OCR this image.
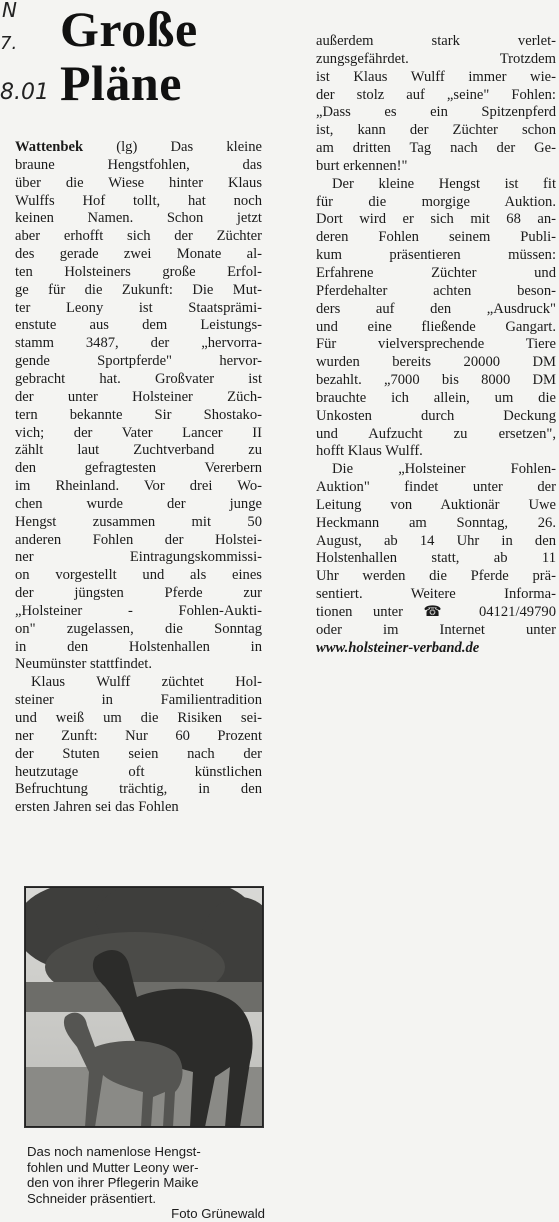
N
7.
8.01
Große
Pläne
Wattenbek (lg) Das kleine
braune Hengstfohlen, das
über die Wiese hinter Klaus
Wulffs Hof tollt, hat noch
keinen Namen. Schon jetzt
aber erhofft sich der Züchter
des gerade zwei Monate al-
ten Holsteiners große Erfol-
ge für die Zukunft: Die Mut-
ter Leony ist Staatsprämi-
enstute aus dem Leistungs-
stamm 3487, der „hervorra-
gende Sportpferde" hervor-
gebracht hat. Großvater ist
der unter Holsteiner Züch-
tern bekannte Sir Shostako-
vich; der Vater Lancer II
zählt laut Zuchtverband zu
den gefragtesten Vererbern
im Rheinland. Vor drei Wo-
chen wurde der junge
Hengst zusammen mit 50
anderen Fohlen der Holstei-
ner Eintragungskommissi-
on vorgestellt und als eines
der jüngsten Pferde zur
„Holsteiner - Fohlen-Aukti-
on" zugelassen, die Sonntag
in den Holstenhallen in
Neumünster stattfindet.
Klaus Wulff züchtet Hol-
steiner in Familientradition
und weiß um die Risiken sei-
ner Zunft: Nur 60 Prozent
der Stuten seien nach der
heutzutage oft künstlichen
Befruchtung trächtig, in den
ersten Jahren sei das Fohlen
außerdem stark verlet-
zungsgefährdet. Trotzdem
ist Klaus Wulff immer wie-
der stolz auf „seine" Fohlen:
„Dass es ein Spitzenpferd
ist, kann der Züchter schon
am dritten Tag nach der Ge-
burt erkennen!"
Der kleine Hengst ist fit
für die morgige Auktion.
Dort wird er sich mit 68 an-
deren Fohlen seinem Publi-
kum präsentieren müssen:
Erfahrene Züchter und
Pferdehalter achten beson-
ders auf den „Ausdruck"
und eine fließende Gangart.
Für vielversprechende Tiere
wurden bereits 20000 DM
bezahlt. „7000 bis 8000 DM
brauchte ich allein, um die
Unkosten durch Deckung
und Aufzucht zu ersetzen",
hofft Klaus Wulff.
Die „Holsteiner Fohlen-
Auktion" findet unter der
Leitung von Auktionär Uwe
Heckmann am Sonntag, 26.
August, ab 14 Uhr in den
Holstenhallen statt, ab 11
Uhr werden die Pferde prä-
sentiert. Weitere Informa-
tionen unter ☎ 04121/49790
oder im Internet unter
www.holsteiner-verband.de
Das noch namenlose Hengst-
fohlen und Mutter Leony wer-
den von ihrer Pflegerin Maike
Schneider präsentiert.
Foto Grünewald
